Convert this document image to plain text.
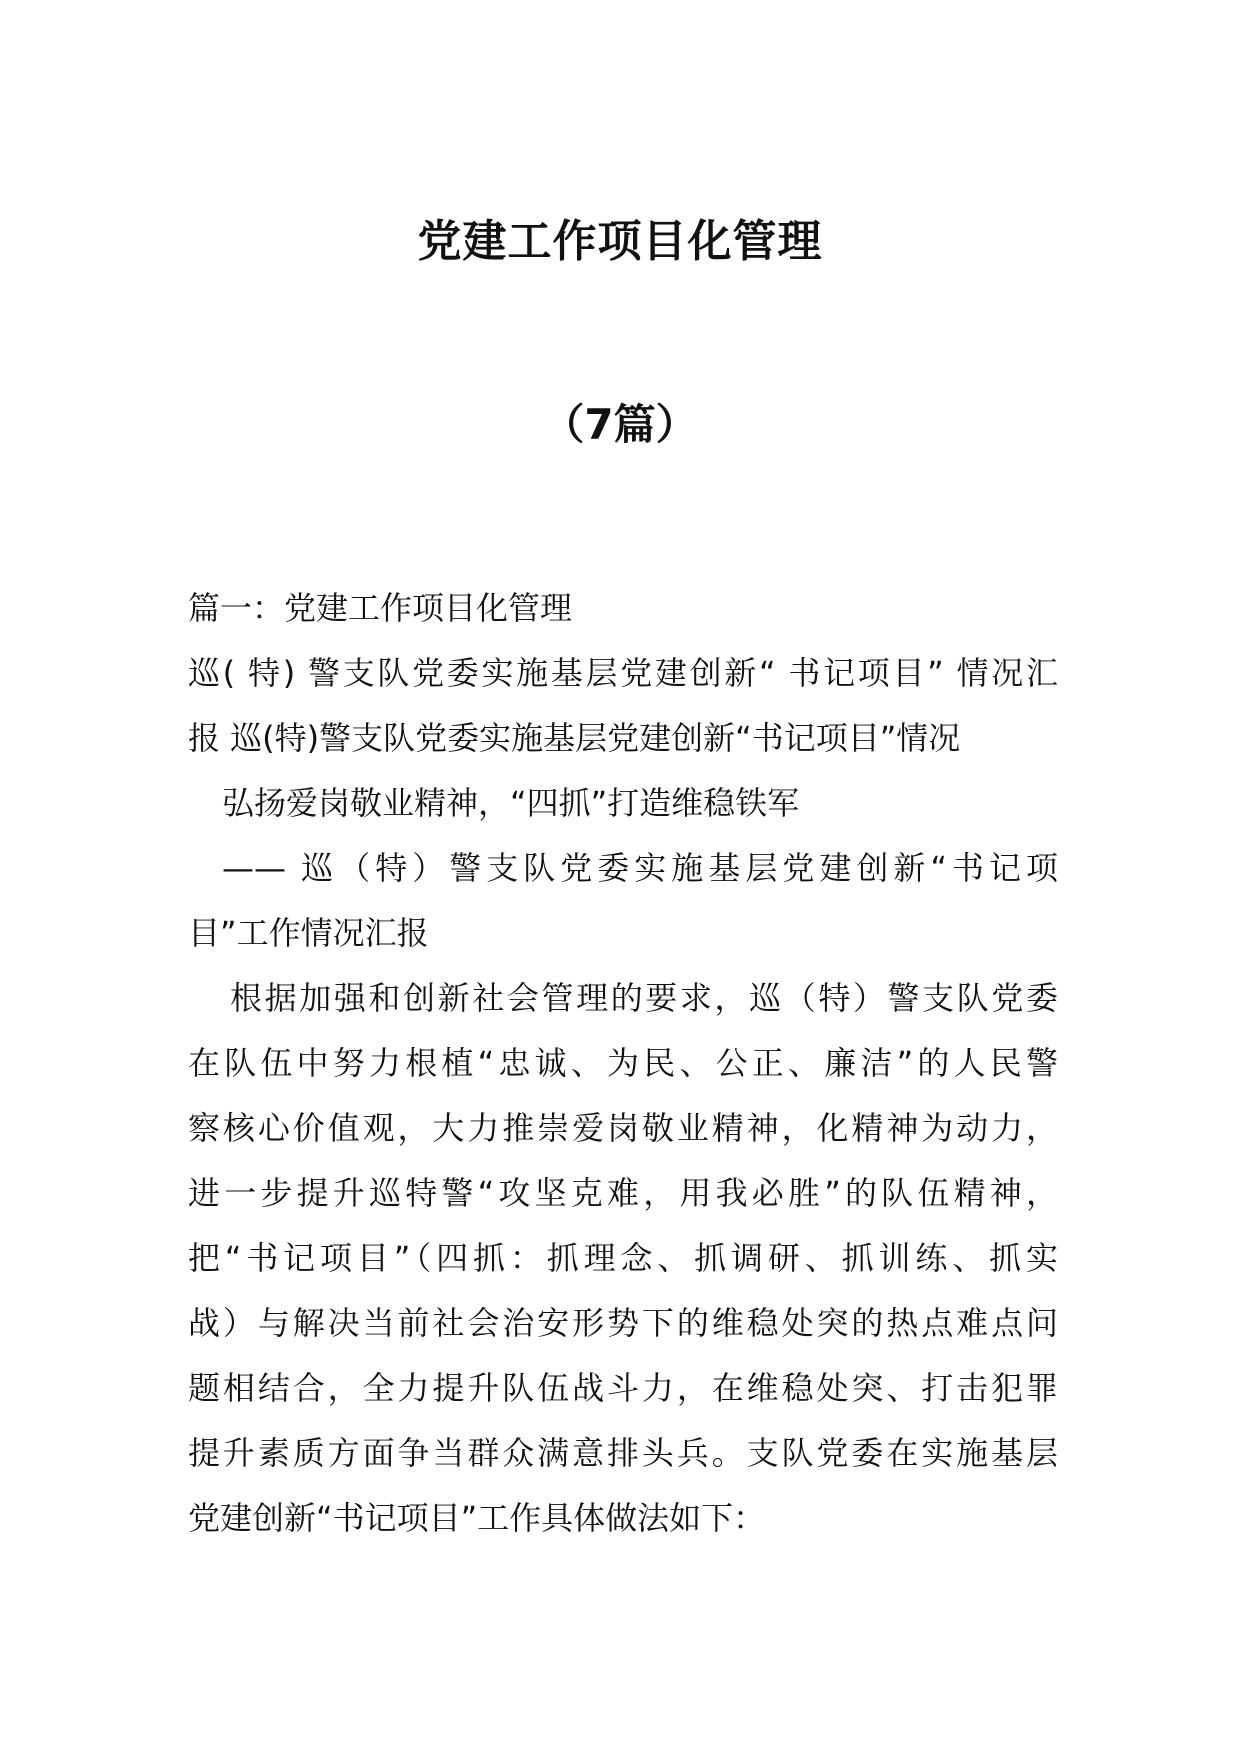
党建工作项目化管理
（7篇）
篇一：党建工作项目化管理
巡( 特) 警支队党委实施基层党建创新“ 书记项目” 情况汇
报 巡(特)警支队党委实施基层党建创新“书记项目”情况
弘扬爱岗敬业精神，“四抓”打造维稳铁军
—— 巡（特）警支队党委实施基层党建创新“书记项
目”工作情况汇报
根据加强和创新社会管理的要求，巡（特）警支队党委
在队伍中努力根植“忠诚、为民、公正、廉洁”的人民警
察核心价值观，大力推崇爱岗敬业精神，化精神为动力，
进一步提升巡特警“攻坚克难，用我必胜”的队伍精神，
把“书记项目”（四抓：抓理念、抓调研、抓训练、抓实
战）与解决当前社会治安形势下的维稳处突的热点难点问
题相结合，全力提升队伍战斗力，在维稳处突、打击犯罪
提升素质方面争当群众满意排头兵。支队党委在实施基层
党建创新“书记项目”工作具体做法如下：
